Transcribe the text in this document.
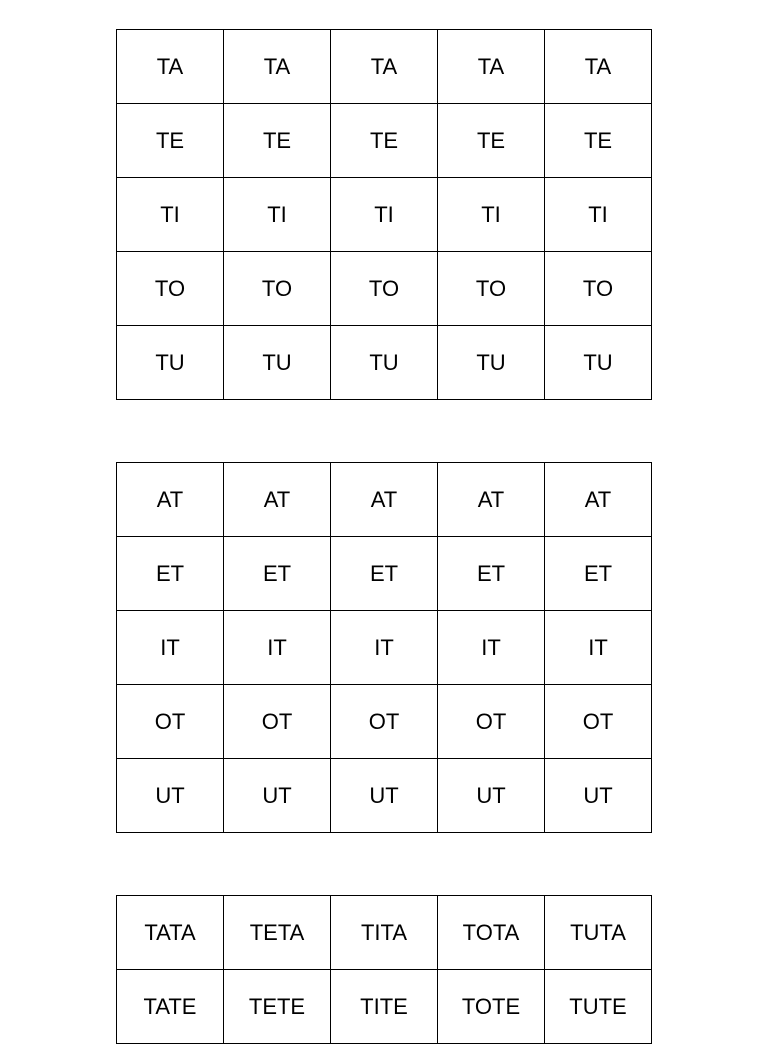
TA	TA	TA	TA	TA
TE	TE	TE	TE	TE
TI	TI	TI	TI	TI
TO	TO	TO	TO	TO
TU	TU	TU	TU	TU
AT	AT	AT	AT	AT
ET	ET	ET	ET	ET
IT	IT	IT	IT	IT
OT	OT	OT	OT	OT
UT	UT	UT	UT	UT
TATA	TETA	TITA	TOTA	TUTA
TATE	TETE	TITE	TOTE	TUTE
